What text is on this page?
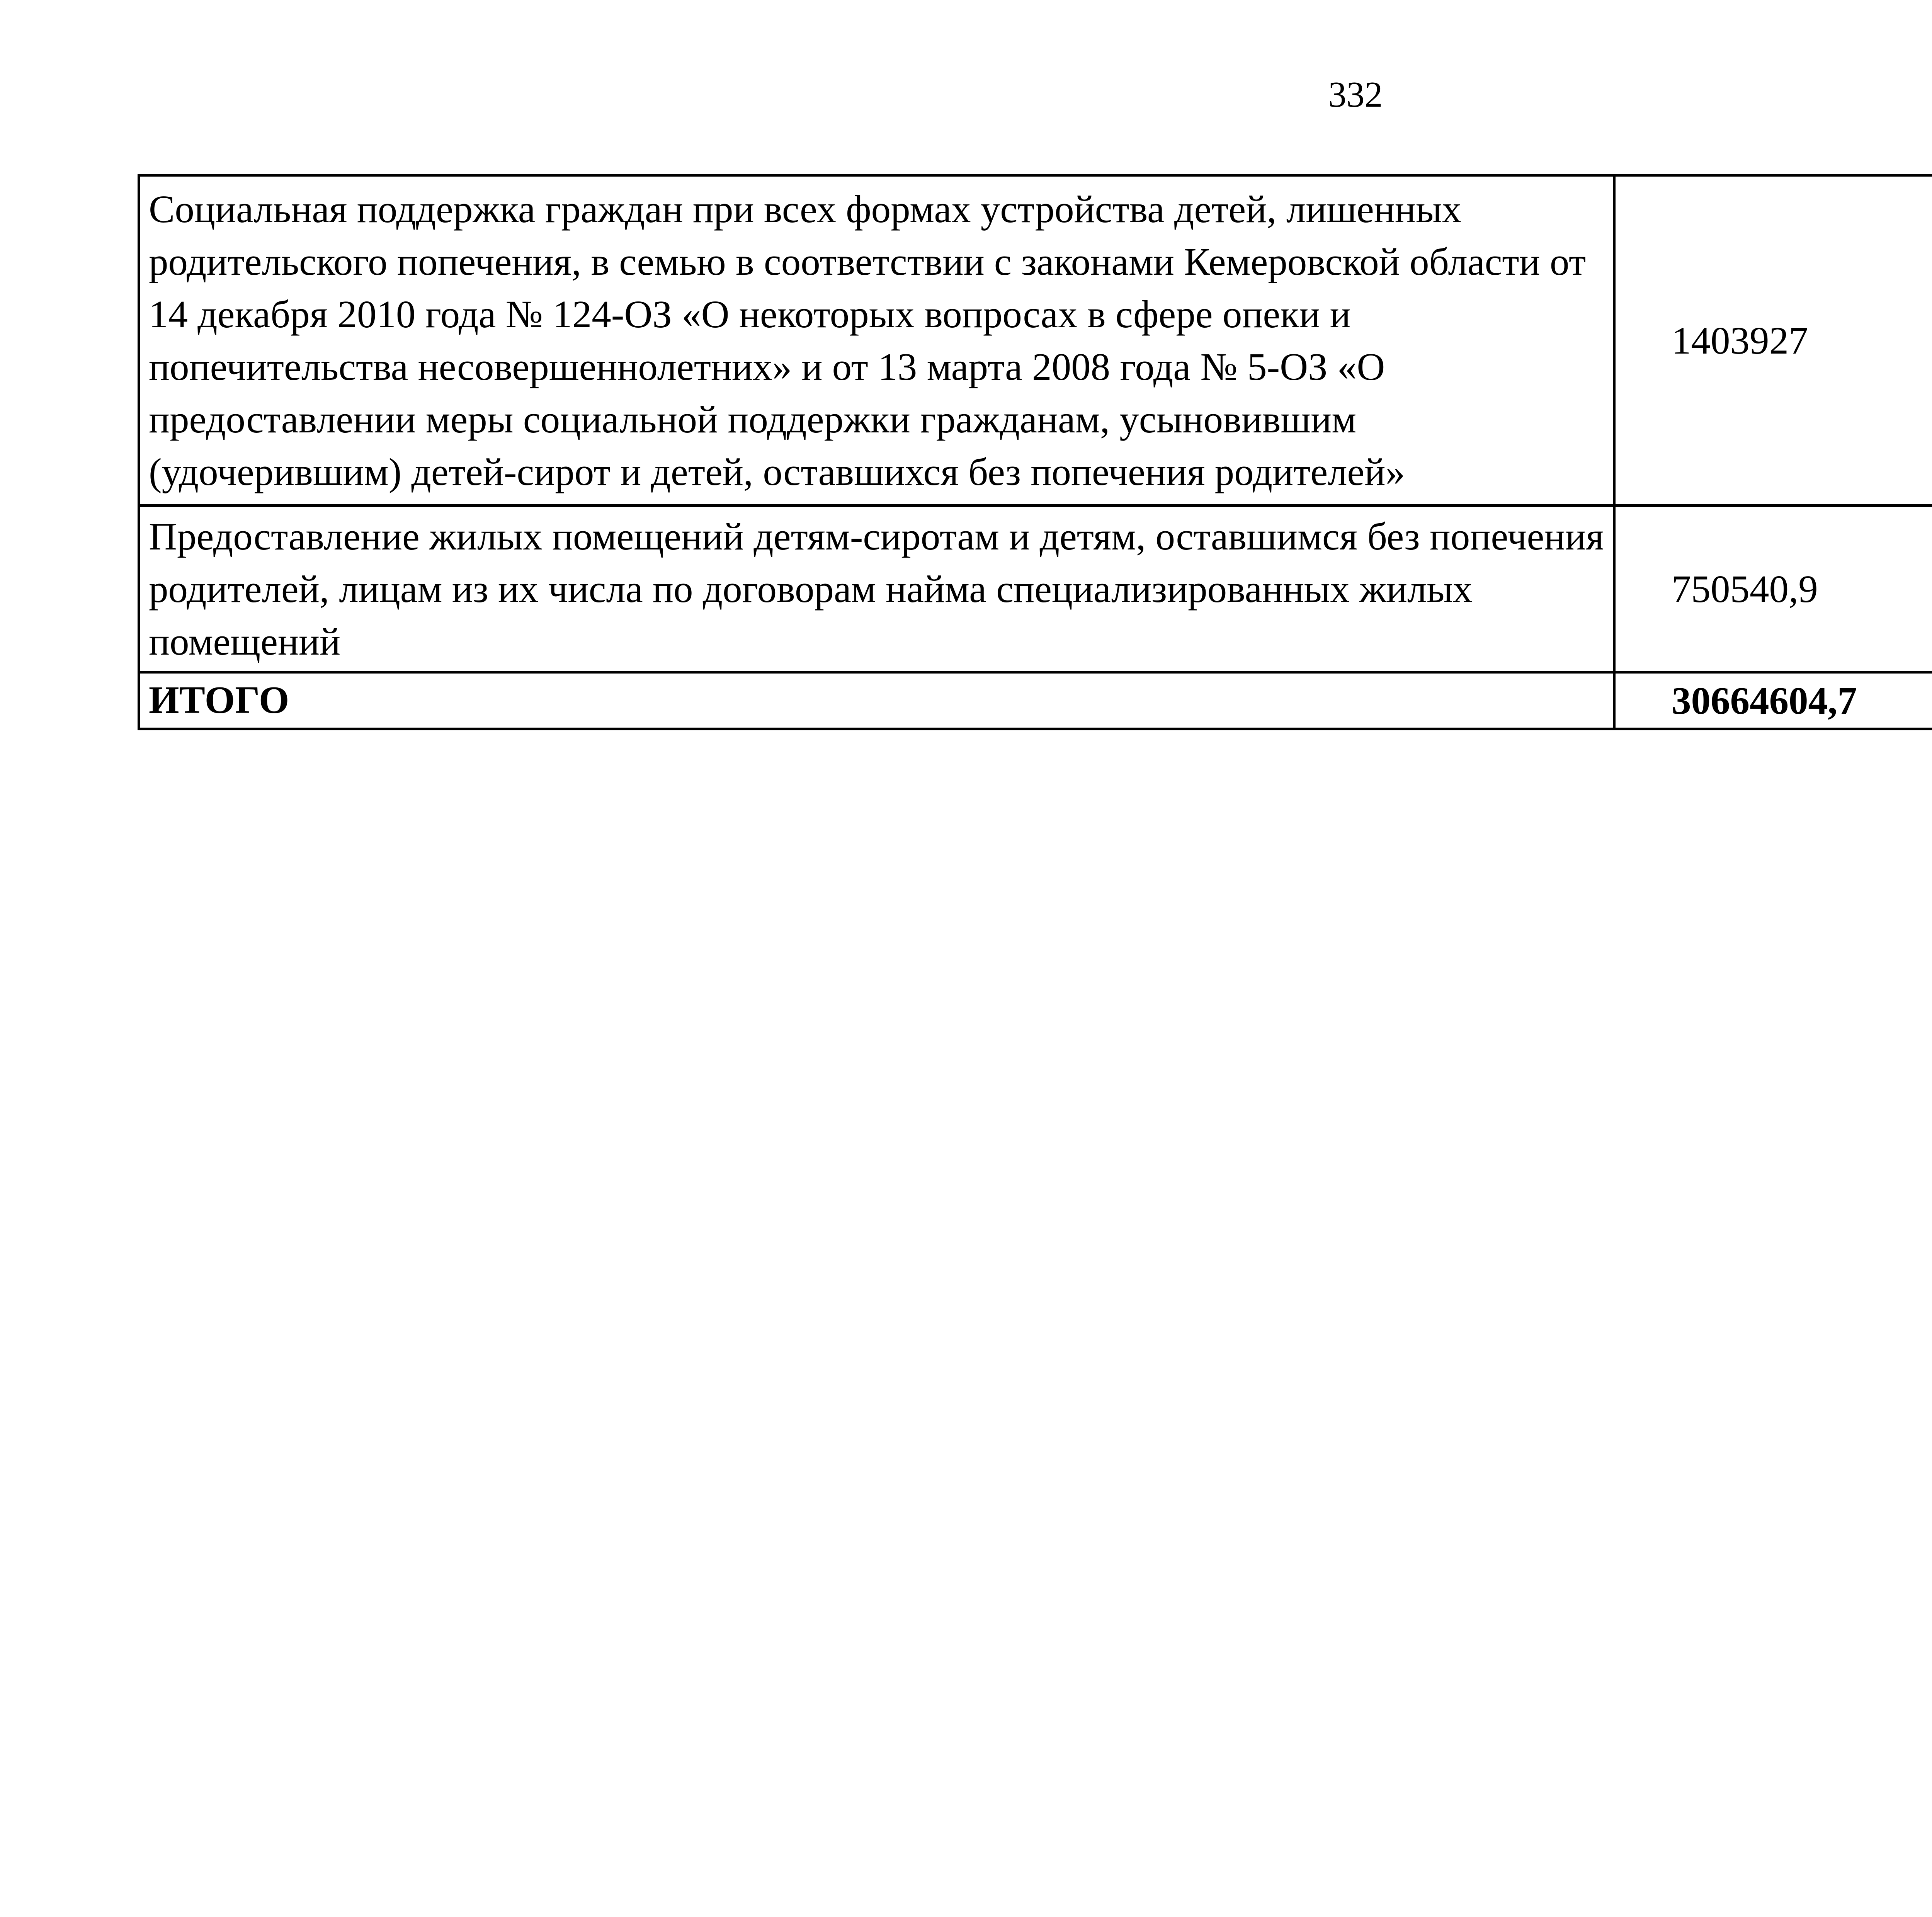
332
Социальная поддержка граждан при всех формах устройства детей, лишенных родительского попечения, в семью в соответствии с законами Кемеровской области от 14 декабря 2010 года № 124-ОЗ «О некоторых вопросах в сфере опеки и попечительства несовершеннолетних» и от 13 марта 2008 года № 5-ОЗ «О предоставлении меры социальной поддержки гражданам, усыновившим (удочерившим) детей-сирот и детей, оставшихся без попечения родителей»	1403927		
Предоставление жилых помещений детям-сиротам и детям, оставшимся без попечения родителей, лицам из их числа по договорам найма специализированных жилых помещений	750540,9		
ИТОГО	30664604,7		
